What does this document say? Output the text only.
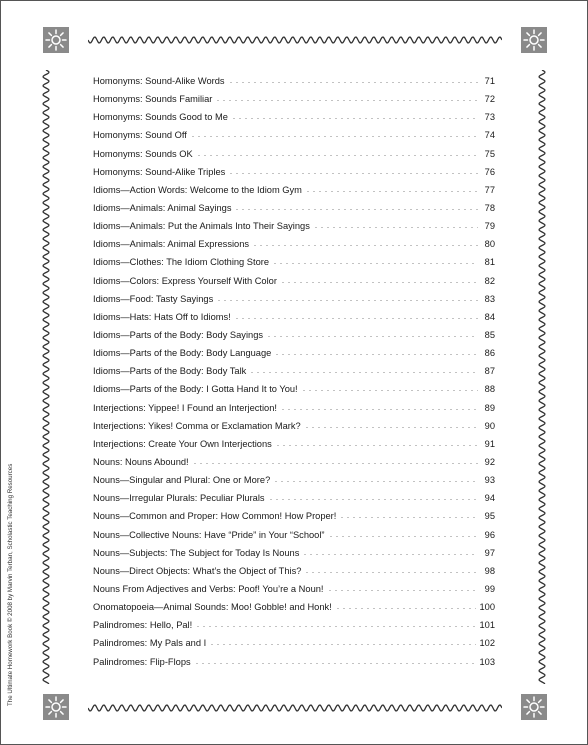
Homonyms: Sound-Alike Words	71
Homonyms: Sounds Familiar	72
Homonyms: Sounds Good to Me	73
Homonyms: Sound Off	74
Homonyms: Sounds OK	75
Homonyms: Sound-Alike Triples	76
Idioms—Action Words: Welcome to the Idiom Gym	77
Idioms—Animals: Animal Sayings	78
Idioms—Animals: Put the Animals Into Their Sayings	79
Idioms—Animals: Animal Expressions	80
Idioms—Clothes: The Idiom Clothing Store	81
Idioms—Colors: Express Yourself With Color	82
Idioms—Food: Tasty Sayings	83
Idioms—Hats: Hats Off to Idioms!	84
Idioms—Parts of the Body: Body Sayings	85
Idioms—Parts of the Body: Body Language	86
Idioms—Parts of the Body: Body Talk	87
Idioms—Parts of the Body: I Gotta Hand It to You!	88
Interjections: Yippee! I Found an Interjection!	89
Interjections: Yikes! Comma or Exclamation Mark?	90
Interjections: Create Your Own Interjections	91
Nouns: Nouns Abound!	92
Nouns—Singular and Plural: One or More?	93
Nouns—Irregular Plurals: Peculiar Plurals	94
Nouns—Common and Proper: How Common! How Proper!	95
Nouns—Collective Nouns: Have “Pride” in Your “School”	96
Nouns—Subjects: The Subject for Today Is Nouns	97
Nouns—Direct Objects: What’s the Object of This?	98
Nouns From Adjectives and Verbs: Poof! You’re a Noun!	99
Onomatopoeia—Animal Sounds: Moo! Gobble! and Honk!	100
Palindromes: Hello, Pal!	101
Palindromes: My Pals and I	102
Palindromes: Flip-Flops	103
The Ultimate Homework Book © 2008 by Marvin Terban, Scholastic Teaching Resources
